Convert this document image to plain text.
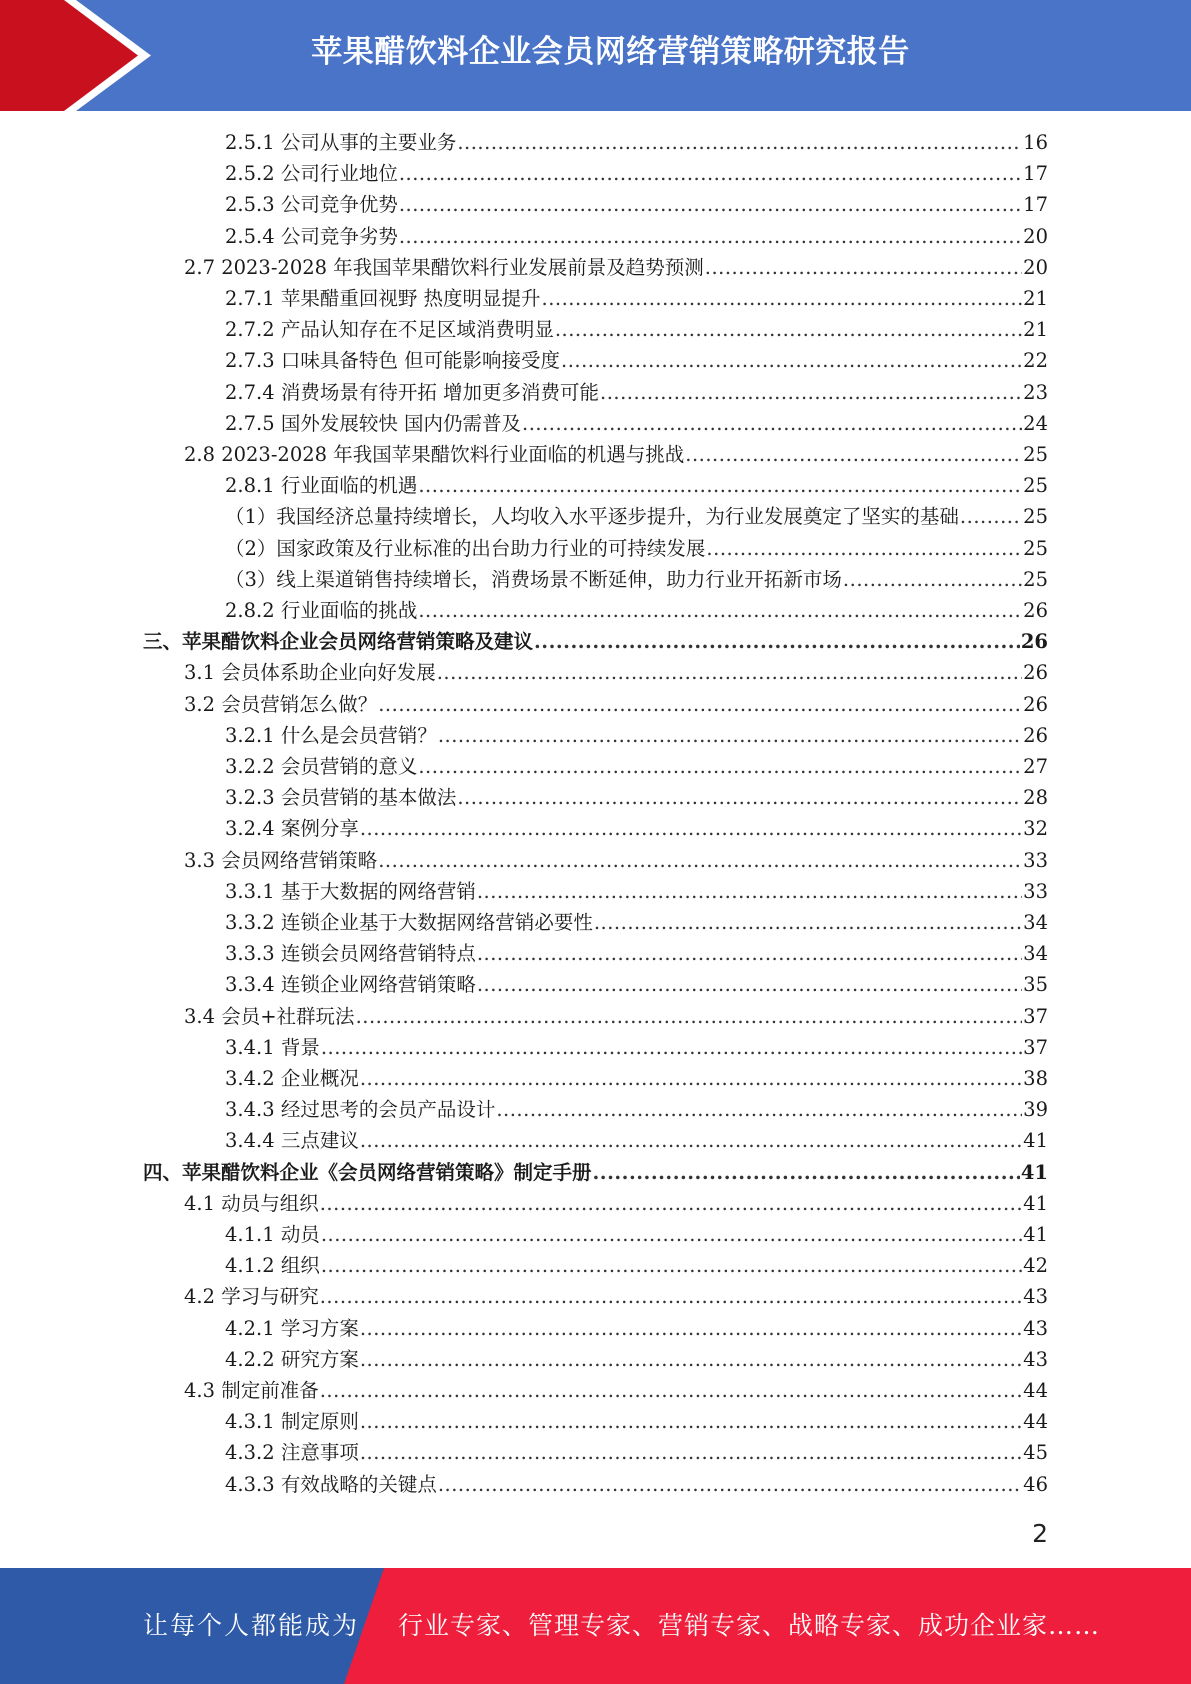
苹果醋饮料企业会员网络营销策略研究报告
2.5.1 公司从事的主要业务 .....	16
2.5.2 公司行业地位 .....	17
2.5.3 公司竞争优势 .....	17
2.5.4 公司竞争劣势 .....	20
2.7 2023-2028 年我国苹果醋饮料行业发展前景及趋势预测 .....	20
2.7.1 苹果醋重回视野 热度明显提升 .....	21
2.7.2 产品认知存在不足区域消费明显 .....	21
2.7.3 口味具备特色 但可能影响接受度 .....	22
2.7.4 消费场景有待开拓 增加更多消费可能 .....	23
2.7.5 国外发展较快 国内仍需普及 .....	24
2.8 2023-2028 年我国苹果醋饮料行业面临的机遇与挑战 .....	25
2.8.1 行业面临的机遇 .....	25
（1）我国经济总量持续增长，人均收入水平逐步提升，为行业发展奠定了坚实的基础 .....	25
（2）国家政策及行业标准的出台助力行业的可持续发展 .....	25
（3）线上渠道销售持续增长，消费场景不断延伸，助力行业开拓新市场 .....	25
2.8.2 行业面临的挑战 .....	26
三、苹果醋饮料企业会员网络营销策略及建议 .....	26
3.1 会员体系助企业向好发展 .....	26
3.2 会员营销怎么做？ .....	26
3.2.1 什么是会员营销？ .....	26
3.2.2 会员营销的意义 .....	27
3.2.3 会员营销的基本做法 .....	28
3.2.4 案例分享 .....	32
3.3 会员网络营销策略 .....	33
3.3.1 基于大数据的网络营销 .....	33
3.3.2 连锁企业基于大数据网络营销必要性 .....	34
3.3.3 连锁会员网络营销特点 .....	34
3.3.4 连锁企业网络营销策略 .....	35
3.4 会员+社群玩法 .....	37
3.4.1 背景 .....	37
3.4.2 企业概况 .....	38
3.4.3 经过思考的会员产品设计 .....	39
3.4.4 三点建议 .....	41
四、苹果醋饮料企业《会员网络营销策略》制定手册 .....	41
4.1 动员与组织 .....	41
4.1.1 动员 .....	41
4.1.2 组织 .....	42
4.2 学习与研究 .....	43
4.2.1 学习方案 .....	43
4.2.2 研究方案 .....	43
4.3 制定前准备 .....	44
4.3.1 制定原则 .....	44
4.3.2 注意事项 .....	45
4.3.3 有效战略的关键点 .....	46
2
让每个人都能成为 行业专家、管理专家、营销专家、战略专家、成功企业家……
